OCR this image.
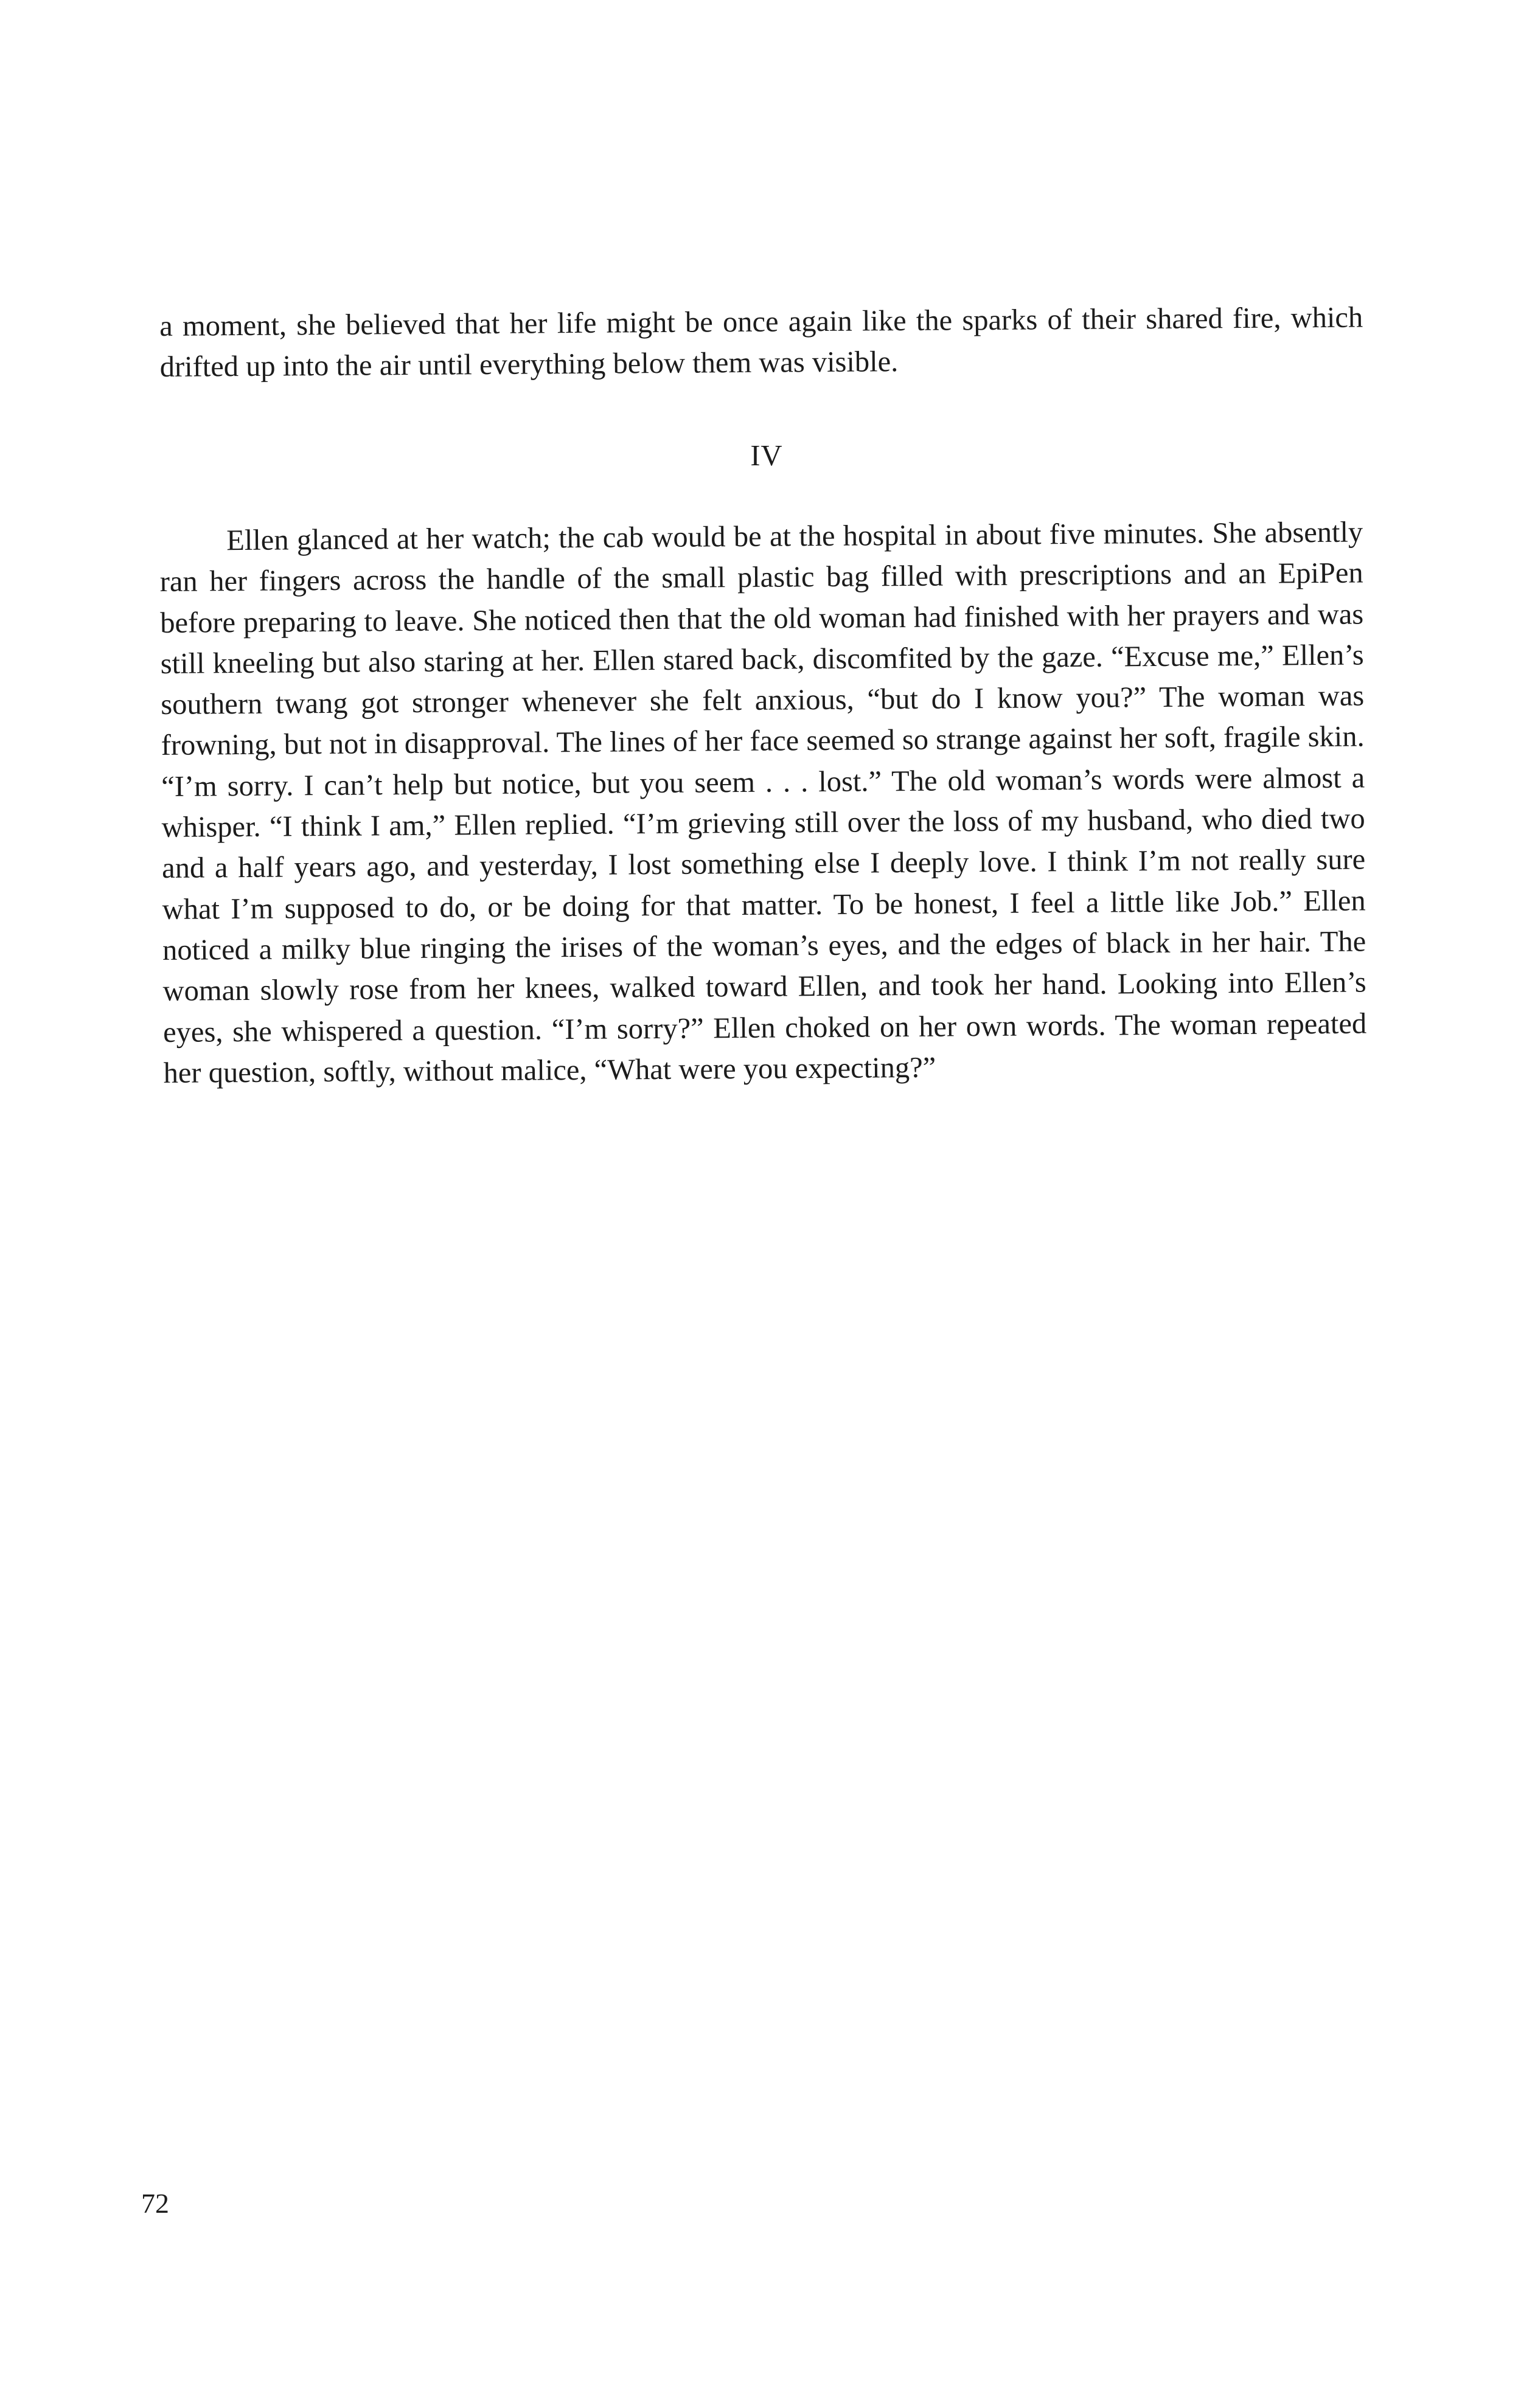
a moment, she believed that her life might be once again like the sparks of their shared fire, which drifted up into the air until everything below them was visible.

IV

Ellen glanced at her watch; the cab would be at the hospital in about five minutes. She absently ran her fingers across the handle of the small plastic bag filled with prescriptions and an EpiPen before preparing to leave. She noticed then that the old woman had finished with her prayers and was still kneeling but also staring at her. Ellen stared back, discomfited by the gaze. “Excuse me,” Ellen’s southern twang got stronger whenever she felt anxious, “but do I know you?” The woman was frowning, but not in disapproval. The lines of her face seemed so strange against her soft, fragile skin. “I’m sorry. I can’t help but notice, but you seem . . . lost.” The old woman’s words were almost a whisper. “I think I am,” Ellen replied. “I’m grieving still over the loss of my husband, who died two and a half years ago, and yesterday, I lost something else I deeply love. I think I’m not really sure what I’m supposed to do, or be doing for that matter. To be honest, I feel a little like Job.” Ellen noticed a milky blue ringing the irises of the woman’s eyes, and the edges of black in her hair. The woman slowly rose from her knees, walked toward Ellen, and took her hand. Looking into Ellen’s eyes, she whispered a question. “I’m sorry?” Ellen choked on her own words. The woman repeated her question, softly, without malice, “What were you expecting?”

72
